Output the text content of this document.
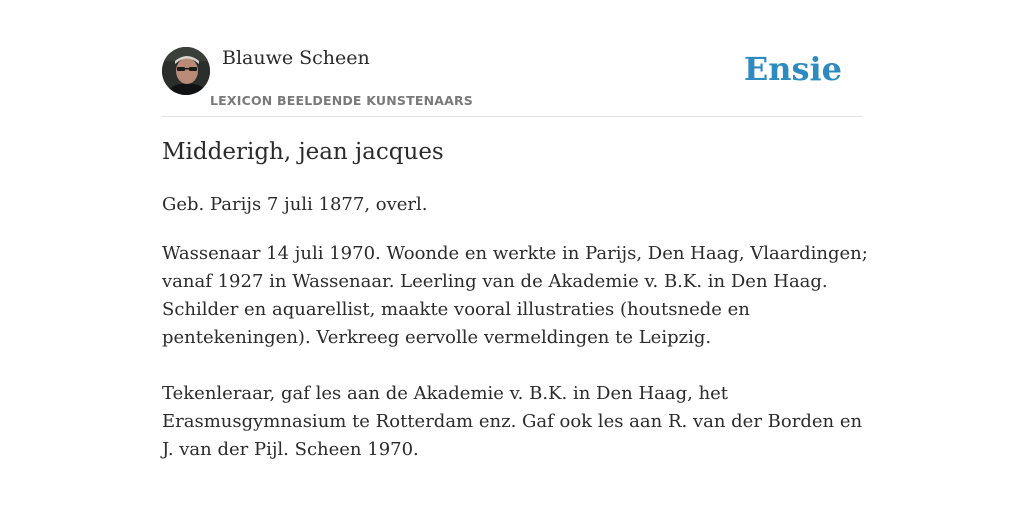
Blauwe Scheen
LEXICON BEELDENDE KUNSTENAARS
Ensie
Midderigh, jean jacques

Geb. Parijs 7 juli 1877, overl.

Wassenaar 14 juli 1970. Woonde en werkte in Parijs, Den Haag, Vlaardingen; vanaf 1927 in Wassenaar. Leerling van de Akademie v. B.K. in Den Haag. Schilder en aquarellist, maakte vooral illustraties (houtsnede en pentekeningen). Verkreeg eervolle vermeldingen te Leipzig.

Tekenleraar, gaf les aan de Akademie v. B.K. in Den Haag, het Erasmusgymnasium te Rotterdam enz. Gaf ook les aan R. van der Borden en J. van der Pijl. Scheen 1970.
